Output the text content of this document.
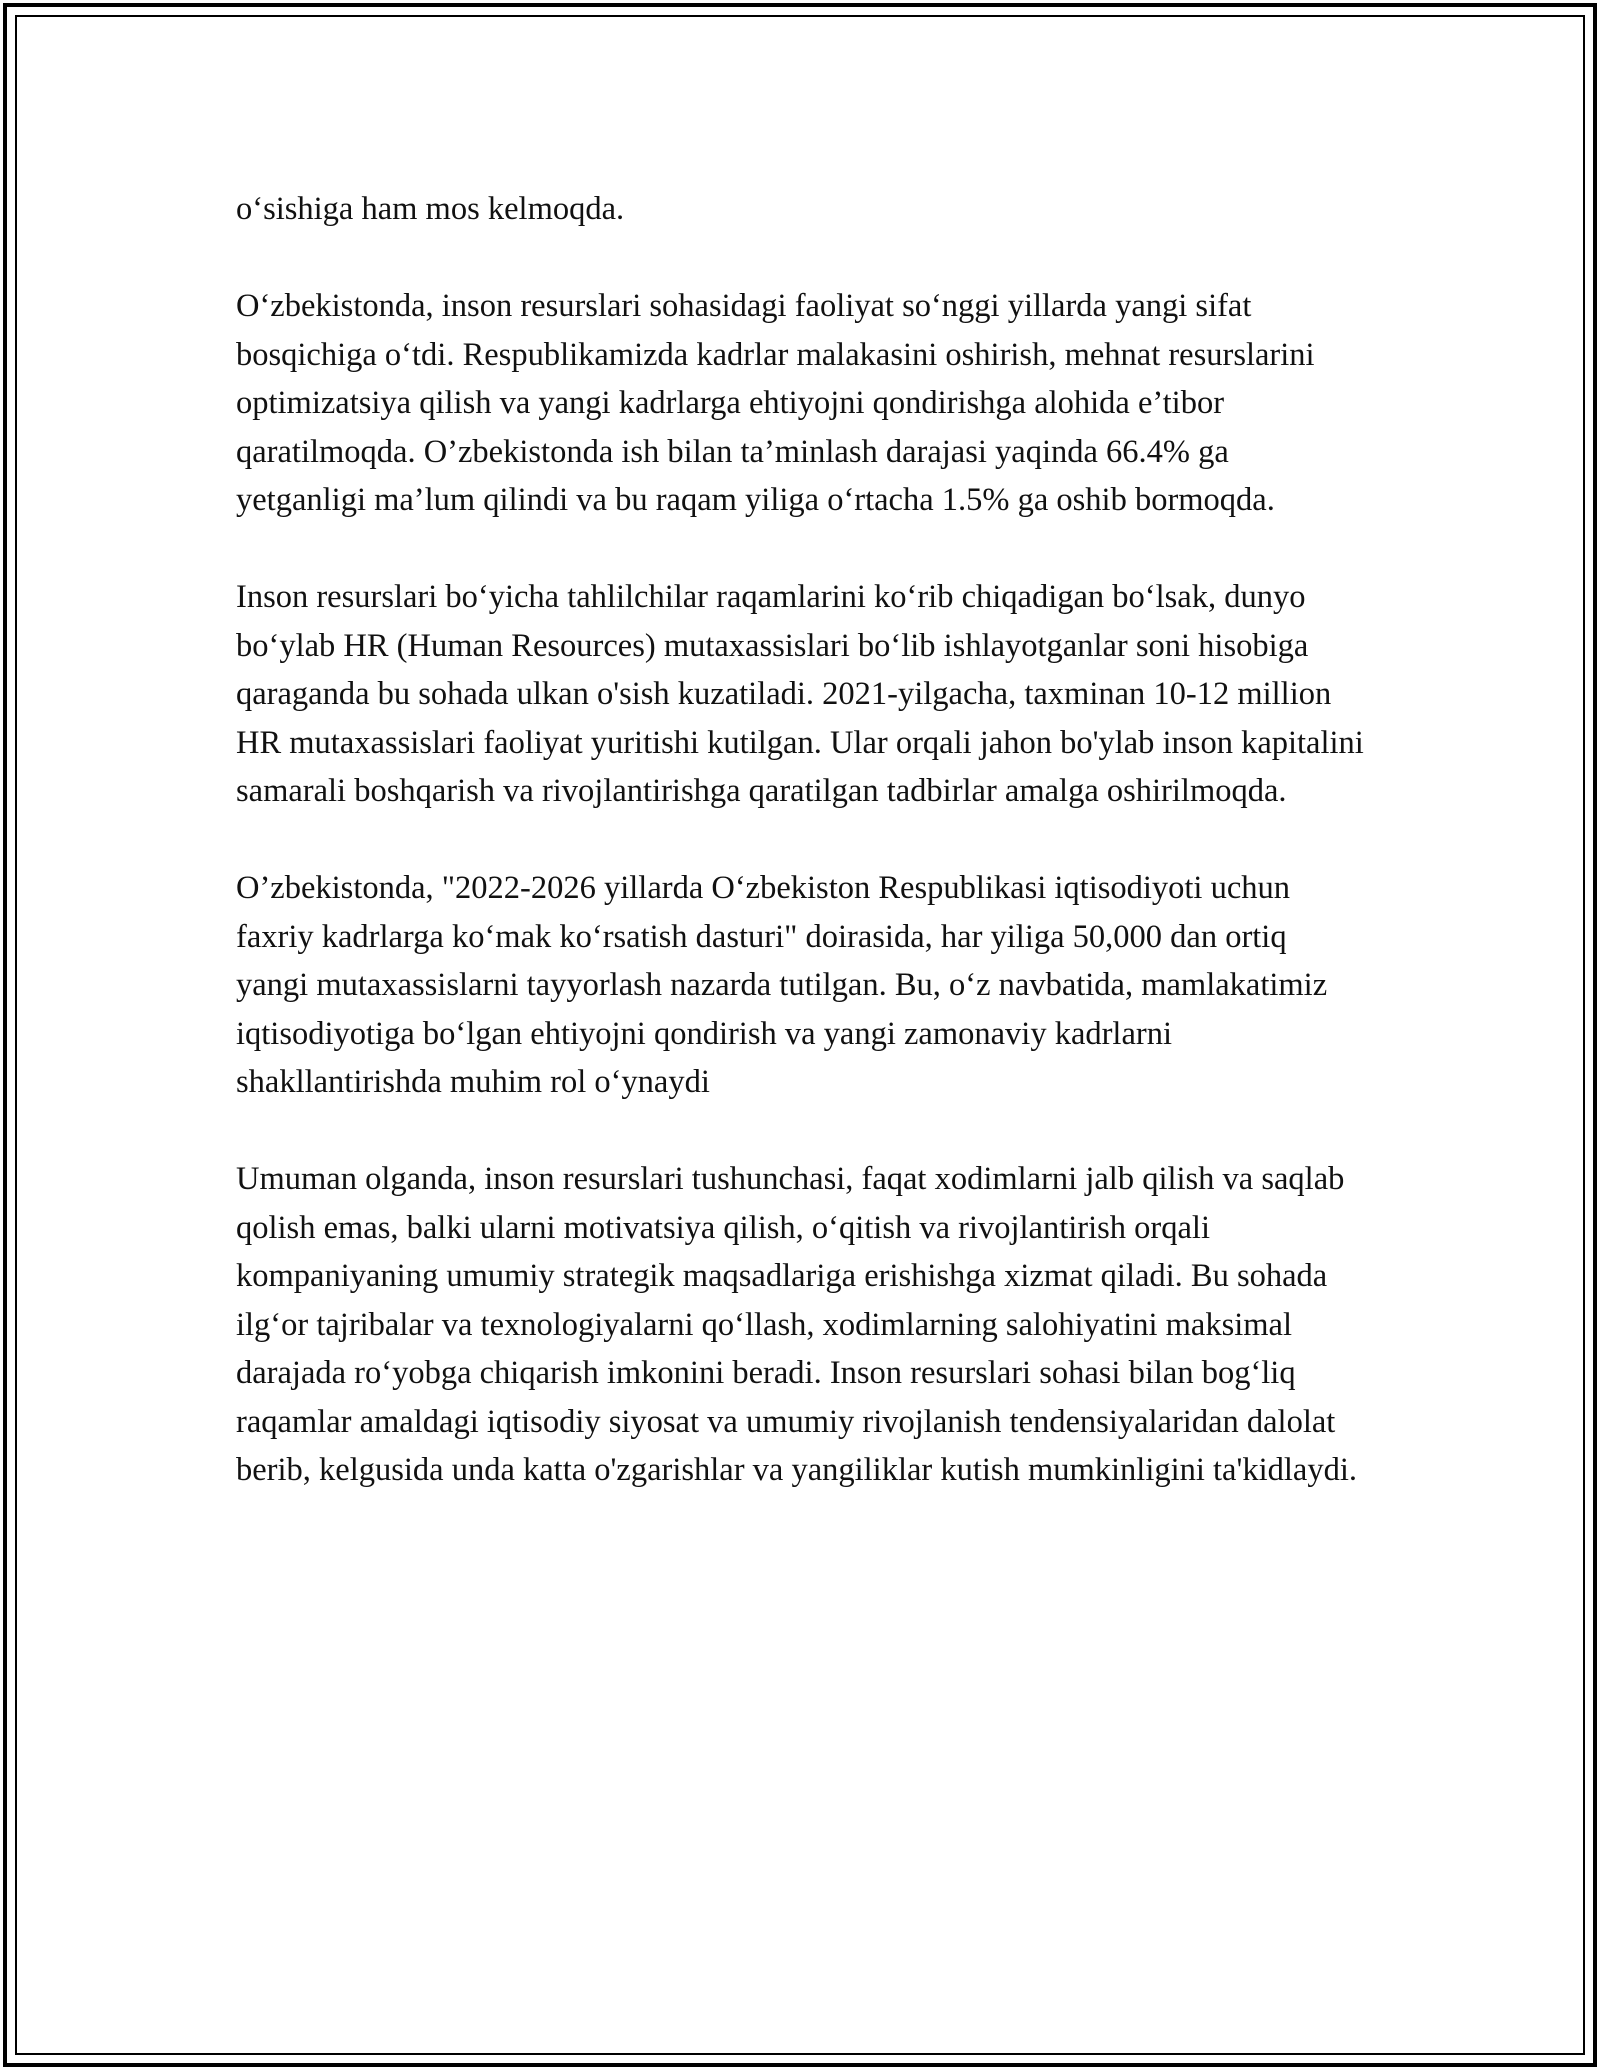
o‘sishiga ham mos kelmoqda.

O‘zbekistonda, inson resurslari sohasidagi faoliyat so‘nggi yillarda yangi sifat bosqichiga o‘tdi. Respublikamizda kadrlar malakasini oshirish, mehnat resurslarini optimizatsiya qilish va yangi kadrlarga ehtiyojni qondirishga alohida e’tibor qaratilmoqda. O’zbekistonda ish bilan ta’minlash darajasi yaqinda 66.4% ga yetganligi ma’lum qilindi va bu raqam yiliga o‘rtacha 1.5% ga oshib bormoqda.

Inson resurslari bo‘yicha tahlilchilar raqamlarini ko‘rib chiqadigan bo‘lsak, dunyo bo‘ylab HR (Human Resources) mutaxassislari bo‘lib ishlayotganlar soni hisobiga qaraganda bu sohada ulkan o'sish kuzatiladi. 2021-yilgacha, taxminan 10-12 million HR mutaxassislari faoliyat yuritishi kutilgan. Ular orqali jahon bo'ylab inson kapitalini samarali boshqarish va rivojlantirishga qaratilgan tadbirlar amalga oshirilmoqda.

O’zbekistonda, "2022-2026 yillarda O‘zbekiston Respublikasi iqtisodiyoti uchun faxriy kadrlarga ko‘mak ko‘rsatish dasturi" doirasida, har yiliga 50,000 dan ortiq yangi mutaxassislarni tayyorlash nazarda tutilgan. Bu, o‘z navbatida, mamlakatimiz iqtisodiyotiga bo‘lgan ehtiyojni qondirish va yangi zamonaviy kadrlarni shakllantirishda muhim rol o‘ynaydi

Umuman olganda, inson resurslari tushunchasi, faqat xodimlarni jalb qilish va saqlab qolish emas, balki ularni motivatsiya qilish, o‘qitish va rivojlantirish orqali kompaniyaning umumiy strategik maqsadlariga erishishga xizmat qiladi. Bu sohada ilg‘or tajribalar va texnologiyalarni qo‘llash, xodimlarning salohiyatini maksimal darajada ro‘yobga chiqarish imkonini beradi. Inson resurslari sohasi bilan bog‘liq raqamlar amaldagi iqtisodiy siyosat va umumiy rivojlanish tendensiyalaridan dalolat berib, kelgusida unda katta o'zgarishlar va yangiliklar kutish mumkinligini ta'kidlaydi.
